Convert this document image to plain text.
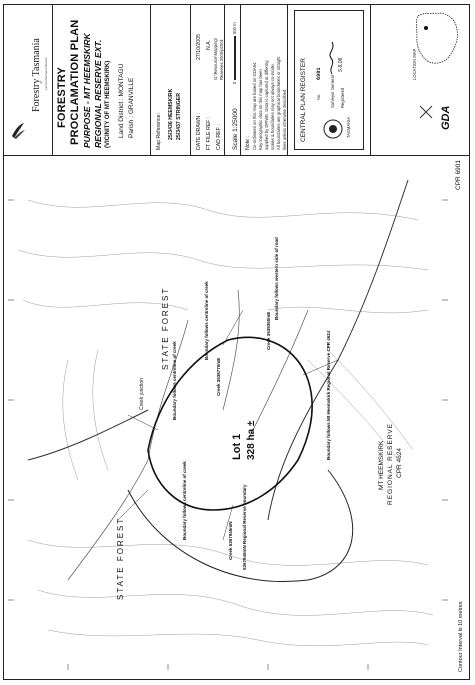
Forestry Tasmania Land Information Branch FORESTRY PROCLAMATION PLAN PURPOSE - MT HEEMSKIRK REGIONAL RESERVE EXT. (VICINITY OF MT HEEMSKIRK) Land District : MONTAGU Parish : GRANVILLE	Map Reference: 25/3436 HEEMSKIRK 25/3437 STRINGER	DATE DRAWN :
27/10/2005
FT FILE REF :
N.A.
CAD REF :
G:\Resource\Mapping\ Reserves 2005\p2001
Scale 1:25000
0
500 m
Note : Co-ordinates on this map are based on GDA94. Key topographic data on this map has been supplied by DPIWE. Data is captured at differing scales & boundaries may not always co-incide. All boundaries are graphical boundaries or straight lines unless otherwise described. CENTRAL PLAN REGISTER No.
6901
TASMANIA
Surveyor General Registered
5.6.06	LOCATION MAP
GDA
CPR 6901
Contour Interval is 10 metres
STATE FOREST
STATE FOREST
Lot 1 328 ha ±
MT HEEMSKIRK REGIONAL RESERVE CPR 4624
Creek junction	Boundary follows centreline of creek
Boundary follows centreline of creek
Boundary follows centreline of creek
Boundary follows western side of road
Creek 3538770mE
Creek 3539360mE
Creek 5367946mN 5367946mN Regional Reserve boundary
Boundary follows Mt Heemskirk Regional Reserve CPR 4624
